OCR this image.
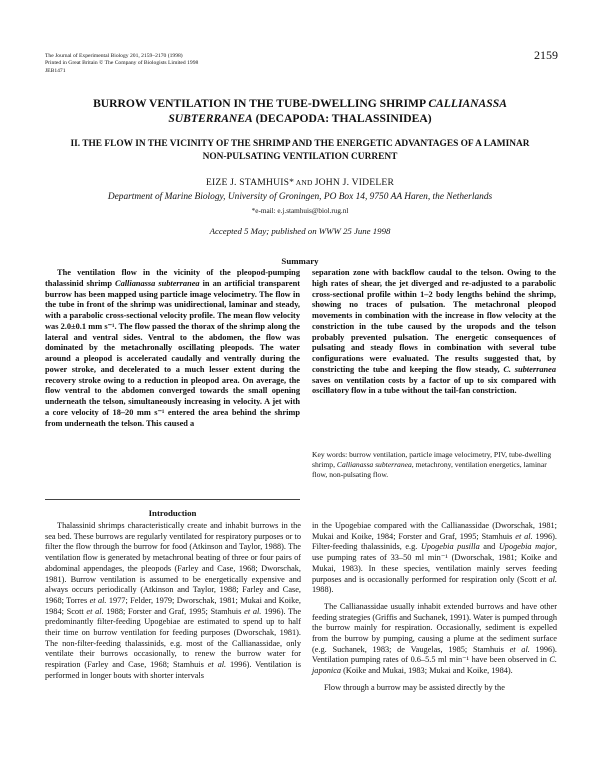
The Journal of Experimental Biology 201, 2159–2170 (1998)
Printed in Great Britain © The Company of Biologists Limited 1998
JEB1471
2159
BURROW VENTILATION IN THE TUBE-DWELLING SHRIMP CALLIANASSA
SUBTERRANEA (DECAPODA: THALASSINIDEA)
II. THE FLOW IN THE VICINITY OF THE SHRIMP AND THE ENERGETIC ADVANTAGES OF A LAMINAR
NON-PULSATING VENTILATION CURRENT
EIZE J. STAMHUIS* AND JOHN J. VIDELER
Department of Marine Biology, University of Groningen, PO Box 14, 9750 AA Haren, the Netherlands
*e-mail: e.j.stamhuis@biol.rug.nl
Accepted 5 May; published on WWW 25 June 1998
Summary
The ventilation flow in the vicinity of the pleopod-pumping thalassinid shrimp Callianassa subterranea in an artificial transparent burrow has been mapped using particle image velocimetry. The flow in the tube in front of the shrimp was unidirectional, laminar and steady, with a parabolic cross-sectional velocity profile. The mean flow velocity was 2.0±0.1 mm s⁻¹. The flow passed the thorax of the shrimp along the lateral and ventral sides. Ventral to the abdomen, the flow was dominated by the metachronally oscillating pleopods. The water around a pleopod is accelerated caudally and ventrally during the power stroke, and decelerated to a much lesser extent during the recovery stroke owing to a reduction in pleopod area. On average, the flow ventral to the abdomen converged towards the small opening underneath the telson, simultaneously increasing in velocity. A jet with a core velocity of 18–20 mm s⁻¹ entered the area behind the shrimp from underneath the telson. This caused a
separation zone with backflow caudal to the telson. Owing to the high rates of shear, the jet diverged and re-adjusted to a parabolic cross-sectional profile within 1–2 body lengths behind the shrimp, showing no traces of pulsation. The metachronal pleopod movements in combination with the increase in flow velocity at the constriction in the tube caused by the uropods and the telson probably prevented pulsation. The energetic consequences of pulsating and steady flows in combination with several tube configurations were evaluated. The results suggested that, by constricting the tube and keeping the flow steady, C. subterranea saves on ventilation costs by a factor of up to six compared with oscillatory flow in a tube without the tail-fan constriction.
Key words: burrow ventilation, particle image velocimetry, PIV, tube-dwelling shrimp, Callianassa subterranea, metachrony, ventilation energetics, laminar flow, non-pulsating flow.
Introduction

Thalassinid shrimps characteristically create and inhabit burrows in the sea bed. These burrows are regularly ventilated for respiratory purposes or to filter the flow through the burrow for food (Atkinson and Taylor, 1988). The ventilation flow is generated by metachronal beating of three or four pairs of abdominal appendages, the pleopods (Farley and Case, 1968; Dworschak, 1981). Burrow ventilation is assumed to be energetically expensive and always occurs periodically (Atkinson and Taylor, 1988; Farley and Case, 1968; Torres et al. 1977; Felder, 1979; Dworschak, 1981; Mukai and Koike, 1984; Scott et al. 1988; Forster and Graf, 1995; Stamhuis et al. 1996). The predominantly filter-feeding Upogebiae are estimated to spend up to half their time on burrow ventilation for feeding purposes (Dworschak, 1981). The non-filter-feeding thalassinids, e.g. most of the Callianassidae, only ventilate their burrows occasionally, to renew the burrow water for respiration (Farley and Case, 1968; Stamhuis et al. 1996). Ventilation is performed in longer bouts with shorter intervals

in the Upogebiae compared with the Callianassidae (Dworschak, 1981; Mukai and Koike, 1984; Forster and Graf, 1995; Stamhuis et al. 1996). Filter-feeding thalassinids, e.g. Upogebia pusilla and Upogebia major, use pumping rates of 33–50 ml min⁻¹ (Dworschak, 1981; Koike and Mukai, 1983). In these species, ventilation mainly serves feeding purposes and is occasionally performed for respiration only (Scott et al. 1988).

The Callianassidae usually inhabit extended burrows and have other feeding strategies (Griffis and Suchanek, 1991). Water is pumped through the burrow mainly for respiration. Occasionally, sediment is expelled from the burrow by pumping, causing a plume at the sediment surface (e.g. Suchanek, 1983; de Vaugelas, 1985; Stamhuis et al. 1996). Ventilation pumping rates of 0.6–5.5 ml min⁻¹ have been observed in C. japonica (Koike and Mukai, 1983; Mukai and Koike, 1984).

Flow through a burrow may be assisted directly by the
